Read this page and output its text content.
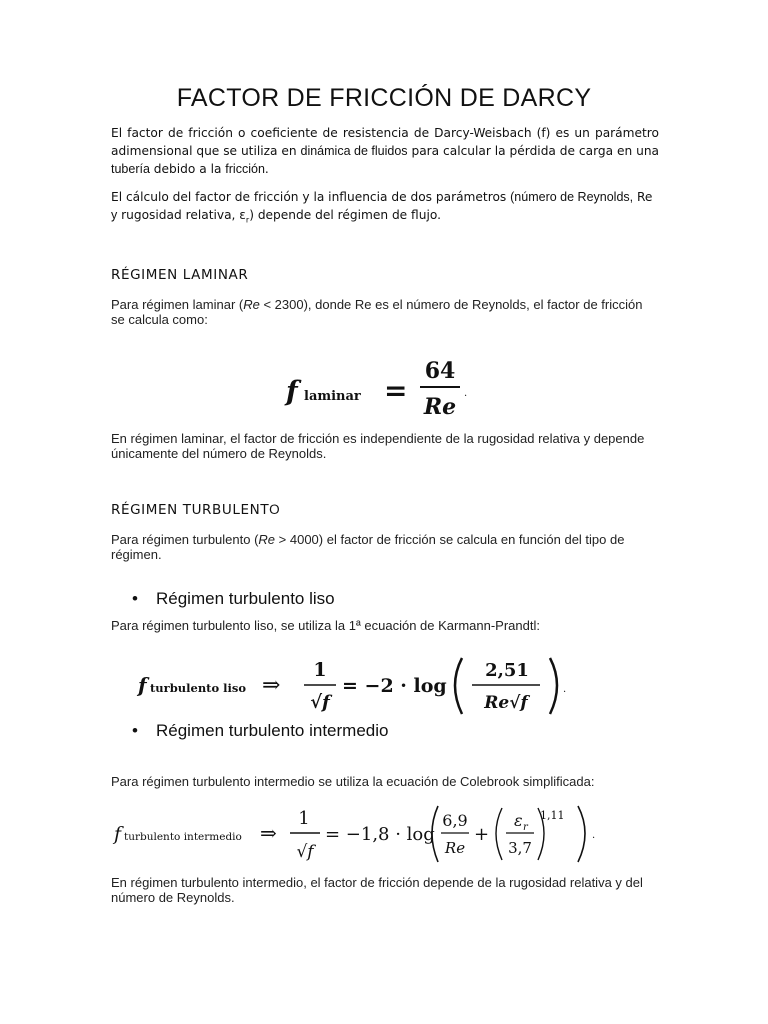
FACTOR DE FRICCIÓN DE DARCY
El factor de fricción o coeficiente de resistencia de Darcy-Weisbach (f) es un parámetro adimensional que se utiliza en dinámica de fluidos para calcular la pérdida de carga en una tubería debido a la fricción.
El cálculo del factor de fricción y la influencia de dos parámetros (número de Reynolds, Re y rugosidad relativa, $\varepsilon_r$) depende del régimen de flujo.
RÉGIMEN LAMINAR
Para régimen laminar (Re < 2300), donde Re es el número de Reynolds, el factor de fricción se calcula como:
f laminar =
64
Re
.
En régimen laminar, el factor de fricción es independiente de la rugosidad relativa y depende únicamente del número de Reynolds.
RÉGIMEN TURBULENTO
Para régimen turbulento (Re > 4000) el factor de fricción se calcula en función del tipo de régimen.
• Régimen turbulento liso
Para régimen turbulento liso, se utiliza la 1ª ecuación de Karmann-Prandtl:
f turbulento liso ⇒
1
√f
= −2 · log
2,51
Re√f
.
• Régimen turbulento intermedio
Para régimen turbulento intermedio se utiliza la ecuación de Colebrook simplificada:
f turbulento intermedio ⇒
1
√f
= −1,8 · log
6,9
Re
+
ε r
3,7
1,11
.
En régimen turbulento intermedio, el factor de fricción depende de la rugosidad relativa y del número de Reynolds.
